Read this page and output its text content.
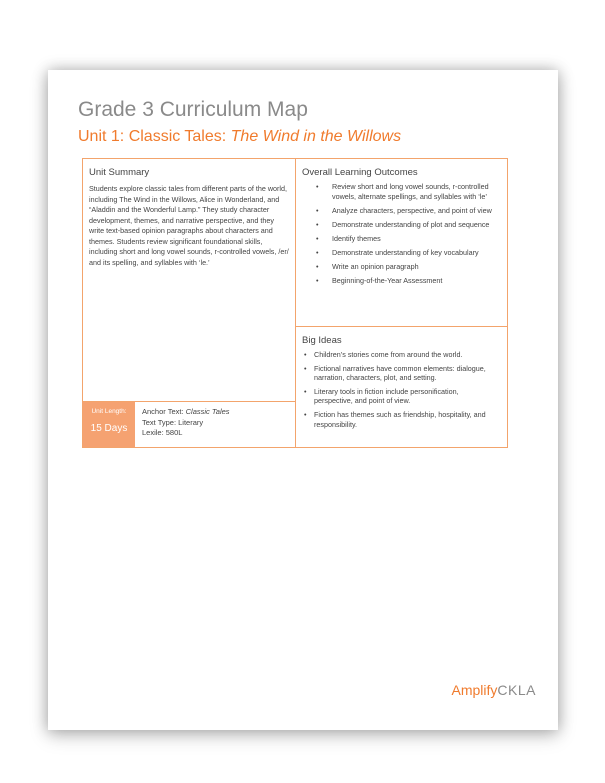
Grade 3 Curriculum Map
Unit 1: Classic Tales: The Wind in the Willows
Unit Summary
Students explore classic tales from different parts of the world, including The Wind in the Willows, Alice in Wonderland, and “Aladdin and the Wonderful Lamp.” They study character development, themes, and narrative perspective, and they write text-based opinion paragraphs about characters and themes. Students review significant foundational skills, including short and long vowel sounds, r-controlled vowels, /er/ and its spelling, and syllables with ‘le.’
Unit Length:
15 Days
Anchor Text: Classic Tales
Text Type: Literary
Lexile: 580L
Overall Learning Outcomes
• Review short and long vowel sounds, r-controlled vowels, alternate spellings, and syllables with ‘le’
• Analyze characters, perspective, and point of view
• Demonstrate understanding of plot and sequence
• Identify themes
• Demonstrate understanding of key vocabulary
• Write an opinion paragraph
• Beginning-of-the-Year Assessment
Big Ideas
• Children’s stories come from around the world.
• Fictional narratives have common elements: dialogue, narration, characters, plot, and setting.
• Literary tools in fiction include personification, perspective, and point of view.
• Fiction has themes such as friendship, hospitality, and responsibility.
AmplifyCKLA
